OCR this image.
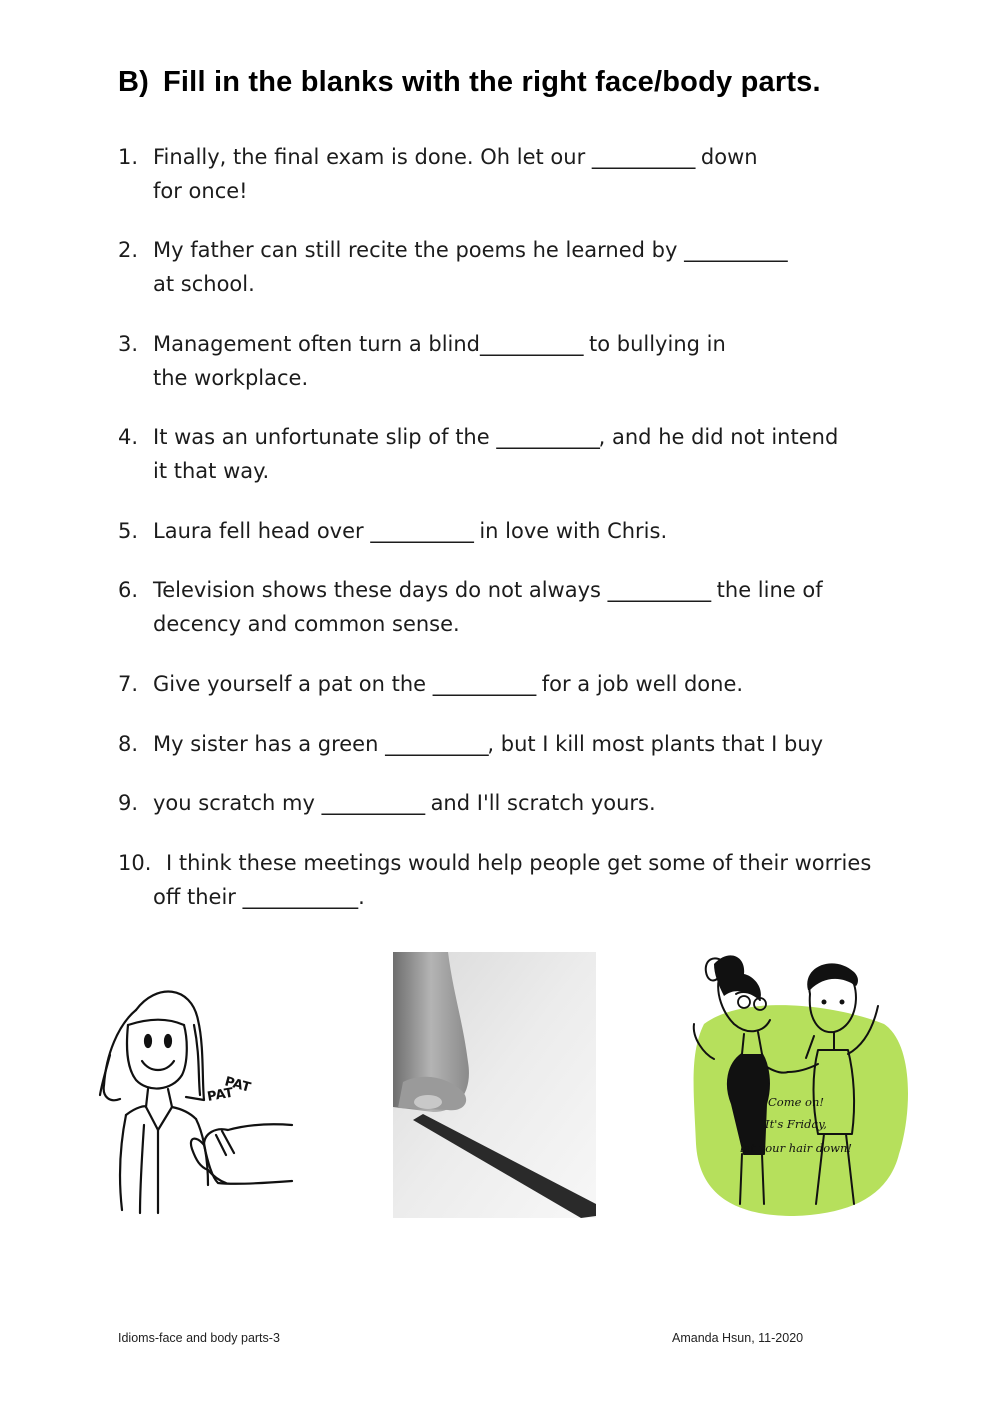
B) Fill in the blanks with the right face/body parts.
1. Finally, the final exam is done. Oh let our ___________ down
for once!
2. My father can still recite the poems he learned by ___________
at school.
3. Management often turn a blind___________ to bullying in
the workplace.
4. It was an unfortunate slip of the ___________, and he did not intend
it that way.
5. Laura fell head over ___________ in love with Chris.
6. Television shows these days do not always ___________ the line of
decency and common sense.
7. Give yourself a pat on the ___________ for a job well done.
8. My sister has a green ___________, but I kill most plants that I buy
9. you scratch my ___________ and I'll scratch yours.
10. I think these meetings would help people get some of their worries
off their ___________.
PAT
PAT	Come on!
It's Friday,
let your hair down!
Idioms-face and body parts-3	Amanda Hsun, 11-2020
